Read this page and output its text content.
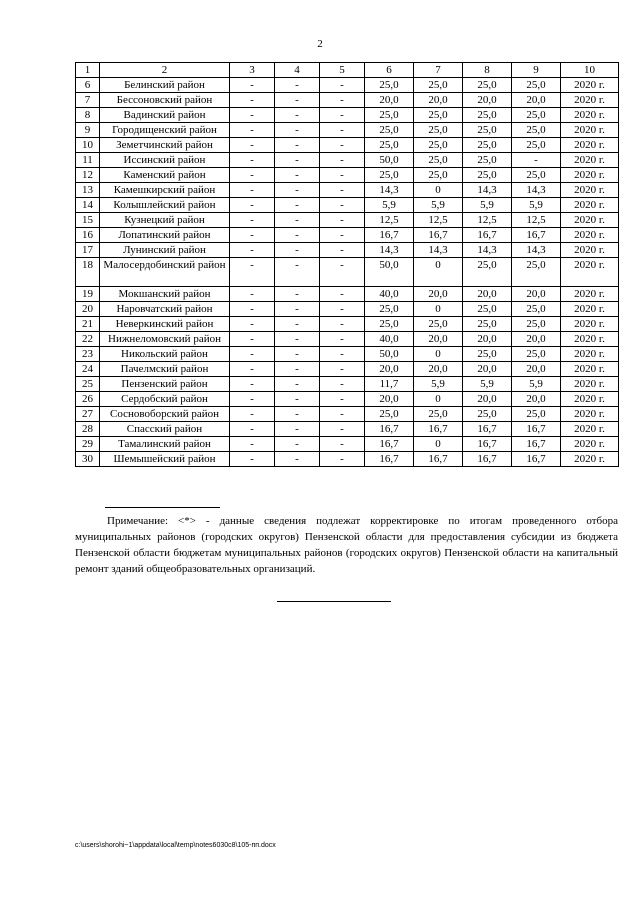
2
1	2	3	4	5	6	7	8	9	10
6	Белинский район	-	-	-	25,0	25,0	25,0	25,0	2020 г.
7	Бессоновский район	-	-	-	20,0	20,0	20,0	20,0	2020 г.
8	Вадинский район	-	-	-	25,0	25,0	25,0	25,0	2020 г.
9	Городищенский район	-	-	-	25,0	25,0	25,0	25,0	2020 г.
10	Земетчинский район	-	-	-	25,0	25,0	25,0	25,0	2020 г.
11	Иссинский район	-	-	-	50,0	25,0	25,0	-	2020 г.
12	Каменский район	-	-	-	25,0	25,0	25,0	25,0	2020 г.
13	Камешкирский район	-	-	-	14,3	0	14,3	14,3	2020 г.
14	Колышлейский район	-	-	-	5,9	5,9	5,9	5,9	2020 г.
15	Кузнецкий район	-	-	-	12,5	12,5	12,5	12,5	2020 г.
16	Лопатинский район	-	-	-	16,7	16,7	16,7	16,7	2020 г.
17	Лунинский район	-	-	-	14,3	14,3	14,3	14,3	2020 г.
18	Малосердобинский район	-	-	-	50,0	0	25,0	25,0	2020 г.
19	Мокшанский район	-	-	-	40,0	20,0	20,0	20,0	2020 г.
20	Наровчатский район	-	-	-	25,0	0	25,0	25,0	2020 г.
21	Неверкинский район	-	-	-	25,0	25,0	25,0	25,0	2020 г.
22	Нижнеломовский район	-	-	-	40,0	20,0	20,0	20,0	2020 г.
23	Никольский район	-	-	-	50,0	0	25,0	25,0	2020 г.
24	Пачелмский район	-	-	-	20,0	20,0	20,0	20,0	2020 г.
25	Пензенский район	-	-	-	11,7	5,9	5,9	5,9	2020 г.
26	Сердобский район	-	-	-	20,0	0	20,0	20,0	2020 г.
27	Сосновоборский район	-	-	-	25,0	25,0	25,0	25,0	2020 г.
28	Спасский район	-	-	-	16,7	16,7	16,7	16,7	2020 г.
29	Тамалинский район	-	-	-	16,7	0	16,7	16,7	2020 г.
30	Шемышейский район	-	-	-	16,7	16,7	16,7	16,7	2020 г.

Примечание: <*> - данные сведения подлежат корректировке по итогам проведенного отбора муниципальных районов (городских округов) Пензенской области для предоставления субсидии из бюджета Пензенской области бюджетам муниципальных районов (городских округов) Пензенской области на капитальный ремонт зданий общеобразовательных организаций.

c:\users\shorohi~1\appdata\local\temp\notes6030c8\105-пп.docx
